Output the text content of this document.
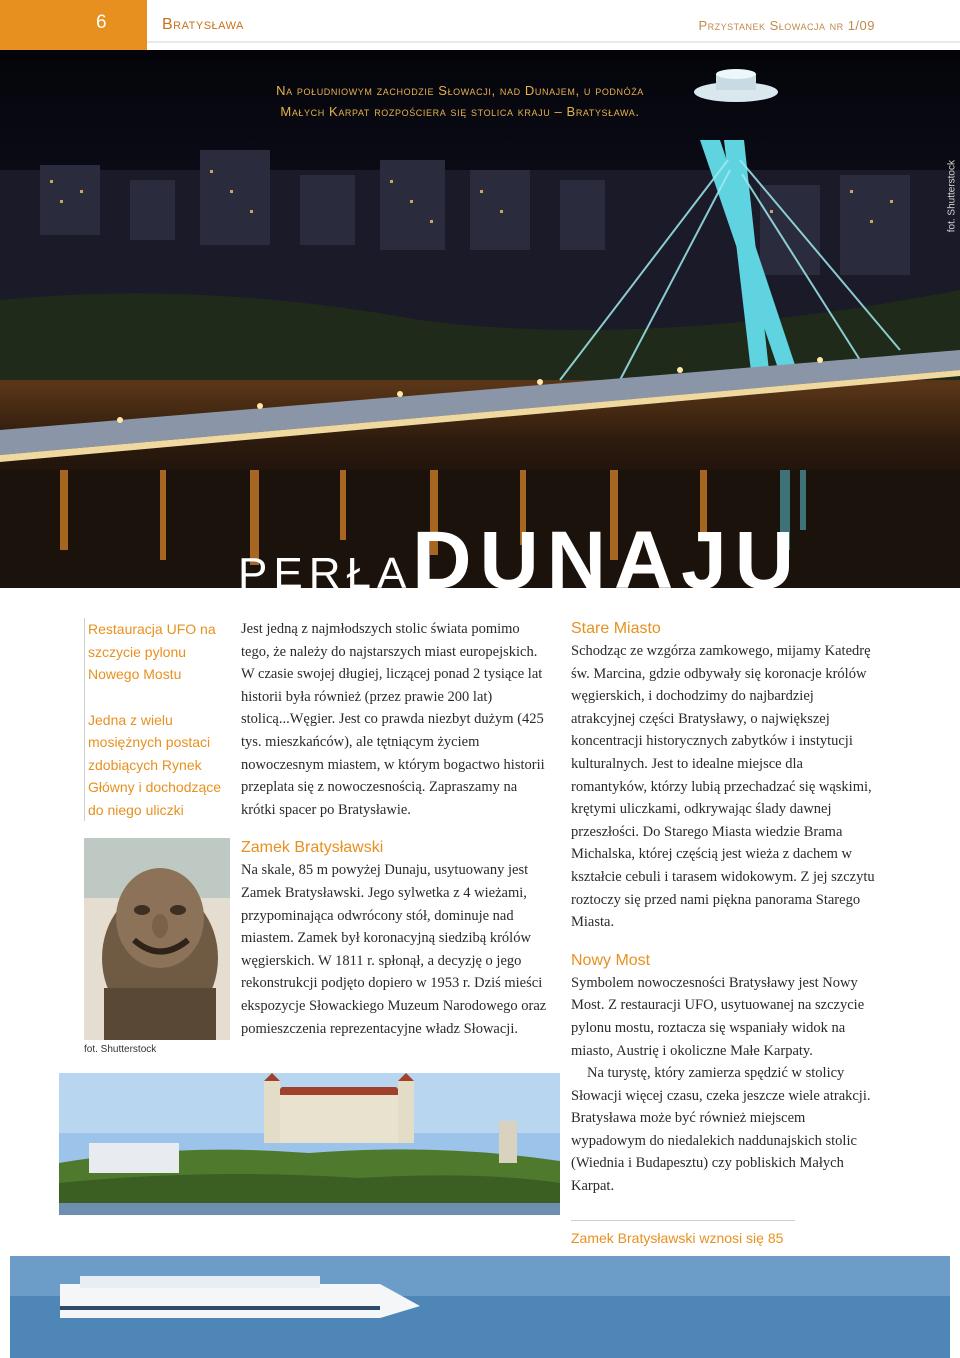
6	Bratysława	Przystanek Słowacja nr 1/09
Na południowym zachodzie Słowacji, nad Dunajem, u podnóża
Małych Karpat rozpościera się stolica kraju – Bratysława.
fot. Shutterstock
PERŁADUNAJU

Restauracja UFO na szczycie pylonu Nowego Mostu

Jedna z wielu mosiężnych postaci zdobiących Rynek Główny i dochodzące do niego uliczki

fot. Shutterstock

Jest jedną z najmłodszych stolic świata pomimo tego, że należy do najstarszych miast europejskich. W czasie swojej długiej, liczącej ponad 2 tysiące lat historii była również (przez prawie 200 lat) stolicą...Węgier. Jest co prawda niezbyt dużym (425 tys. mieszkańców), ale tętniącym życiem nowoczesnym miastem, w którym bogactwo historii przeplata się z nowoczesnością. Zapraszamy na krótki spacer po Bratysławie.

Zamek Bratysławski

Na skale, 85 m powyżej Dunaju, usytuowany jest Zamek Bratysławski. Jego sylwetka z 4 wieżami, przypominająca odwrócony stół, dominuje nad miastem. Zamek był koronacyjną siedzibą królów węgierskich. W 1811 r. spłonął, a decyzję o jego rekonstrukcji podjęto dopiero w 1953 r. Dziś mieści ekspozycje Słowackiego Muzeum Narodowego oraz pomieszczenia reprezentacyjne władz Słowacji.

Stare Miasto

Schodząc ze wzgórza zamkowego, mijamy Katedrę św. Marcina, gdzie odbywały się koronacje królów węgierskich, i dochodzimy do najbardziej atrakcyjnej części Bratysławy, o największej koncentracji historycznych zabytków i instytucji kulturalnych. Jest to idealne miejsce dla romantyków, którzy lubią przechadzać się wąskimi, krętymi uliczkami, odkrywając ślady dawnej przeszłości. Do Starego Miasta wiedzie Brama Michalska, której częścią jest wieża z dachem w kształcie cebuli i tarasem widokowym. Z jej szczytu roztoczy się przed nami piękna panorama Starego Miasta.

Nowy Most

Symbolem nowoczesności Bratysławy jest Nowy Most. Z restauracji UFO, usytuowanej na szczycie pylonu mostu, roztacza się wspaniały widok na miasto, Austrię i okoliczne Małe Karpaty.

Na turystę, który zamierza spędzić w stolicy Słowacji więcej czasu, czeka jeszcze wiele atrakcji. Bratysława może być również miejscem wypadowym do niedalekich naddunajskich stolic (Wiednia i Budapesztu) czy pobliskich Małych Karpat.

Zamek Bratysławski wznosi się 85
